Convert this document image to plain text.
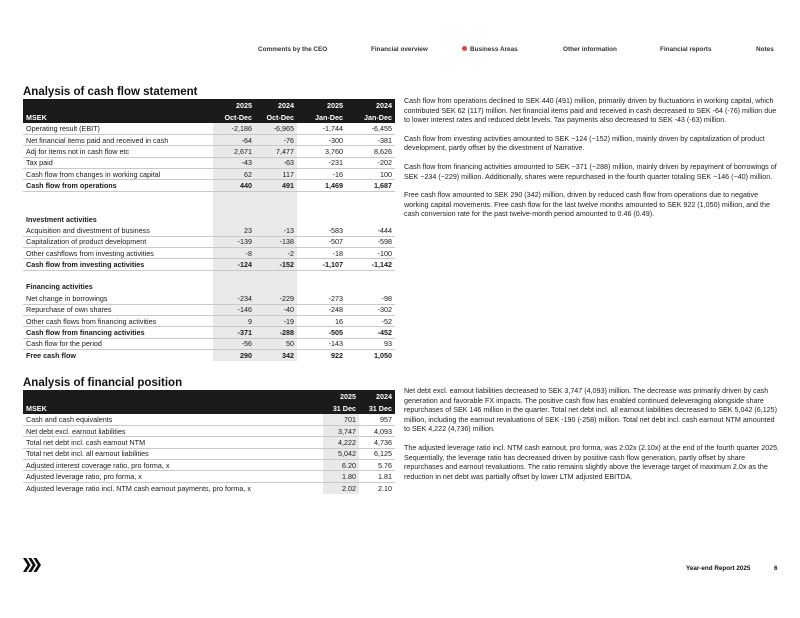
Comments by the CEO	Financial overview	Business Areas	Other information	Financial reports	Notes
Analysis of cash flow statement
	2025	2024	2025	2024
MSEK	Oct-Dec	Oct-Dec	Jan-Dec	Jan-Dec
Operating result (EBIT)	-2,186	-6,965	-1,744	-6,455
Net financial items paid and received in cash	-64	-76	-300	-381
Adj for items not in cash flow etc	2,671	7,477	3,760	8,626
Tax paid	-43	-63	-231	-202
Cash flow from changes in working capital	62	117	-16	100
Cash flow from operations	440	491	1,469	1,687

Investment activities				
Acquisition and divestment of business	23	-13	-583	-444
Capitalization of product development	-139	-138	-507	-598
Other cashflows from investing activities	-8	-2	-18	-100
Cash flow from investing activities	-124	-152	-1,107	-1,142

Financing activities				
Net change in borrowings	-234	-229	-273	-98
Repurchase of own shares	-146	-40	-248	-302
Other cash flows from financing activities	9	-19	16	-52
Cash flow from financing activities	-371	-288	-505	-452
Cash flow for the period	-56	50	-143	93
Free cash flow	290	342	922	1,050

Cash flow from operations declined to SEK 440 (491) million, primarily driven by fluctuations in working capital, which contributed SEK 62 (117) million. Net financial items paid and received in cash decreased to SEK -64 (-76) million due to lower interest rates and reduced debt levels. Tax payments also decreased to SEK -43 (-63) million.

Cash flow from investing activities amounted to SEK −124 (−152) million, mainly driven by capitalization of product development, partly offset by the divestment of Narrative.

Cash flow from financing activities amounted to SEK −371 (−288) million, mainly driven by repayment of borrowings of SEK −234 (−229) million. Additionally, shares were repurchased in the fourth quarter totaling SEK −146 (−40) million.

Free cash flow amounted to SEK 290 (342) million, driven by reduced cash flow from operations due to negative working capital movements. Free cash flow for the last twelve months amounted to SEK 922 (1,050) million, and the cash conversion rate for the past twelve-month period amounted to 0.46 (0.49).

Analysis of financial position
	2025	2024
MSEK	31 Dec	31 Dec
Cash and cash equivalents	701	957
Net debt excl. earnout liabilities	3,747	4,093
Total net debt incl. cash earnout NTM	4,222	4,736
Total net debt incl. all earnout liabilities	5,042	6,125
Adjusted interest coverage ratio, pro forma, x	6.20	5.76
Adjusted leverage ratio, pro forma, x	1.80	1.81
Adjusted leverage ratio incl. NTM cash earnout payments, pro forma, x	2.02	2.10

Net debt excl. earnout liabilities decreased to SEK 3,747 (4,093) million. The decrease was primarily driven by cash generation and favorable FX impacts. The positive cash flow has enabled continued deleveraging alongside share repurchases of SEK 146 million in the quarter. Total net debt incl. all earnout liabilities decreased to SEK 5,042 (6,125) million, including the earnout revaluations of SEK -190 (-258) million. Total net debt incl. cash earnout NTM amounted to SEK 4,222 (4,736) million.

The adjusted leverage ratio incl. NTM cash earnout, pro forma, was 2.02x (2.10x) at the end of the fourth quarter 2025. Sequentially, the leverage ratio has decreased driven by positive cash flow generation, partly offset by share repurchases and earnout revaluations. The ratio remains slightly above the leverage target of maximum 2.0x as the reduction in net debt was partially offset by lower LTM adjusted EBITDA.

Year-end Report 2025	6
